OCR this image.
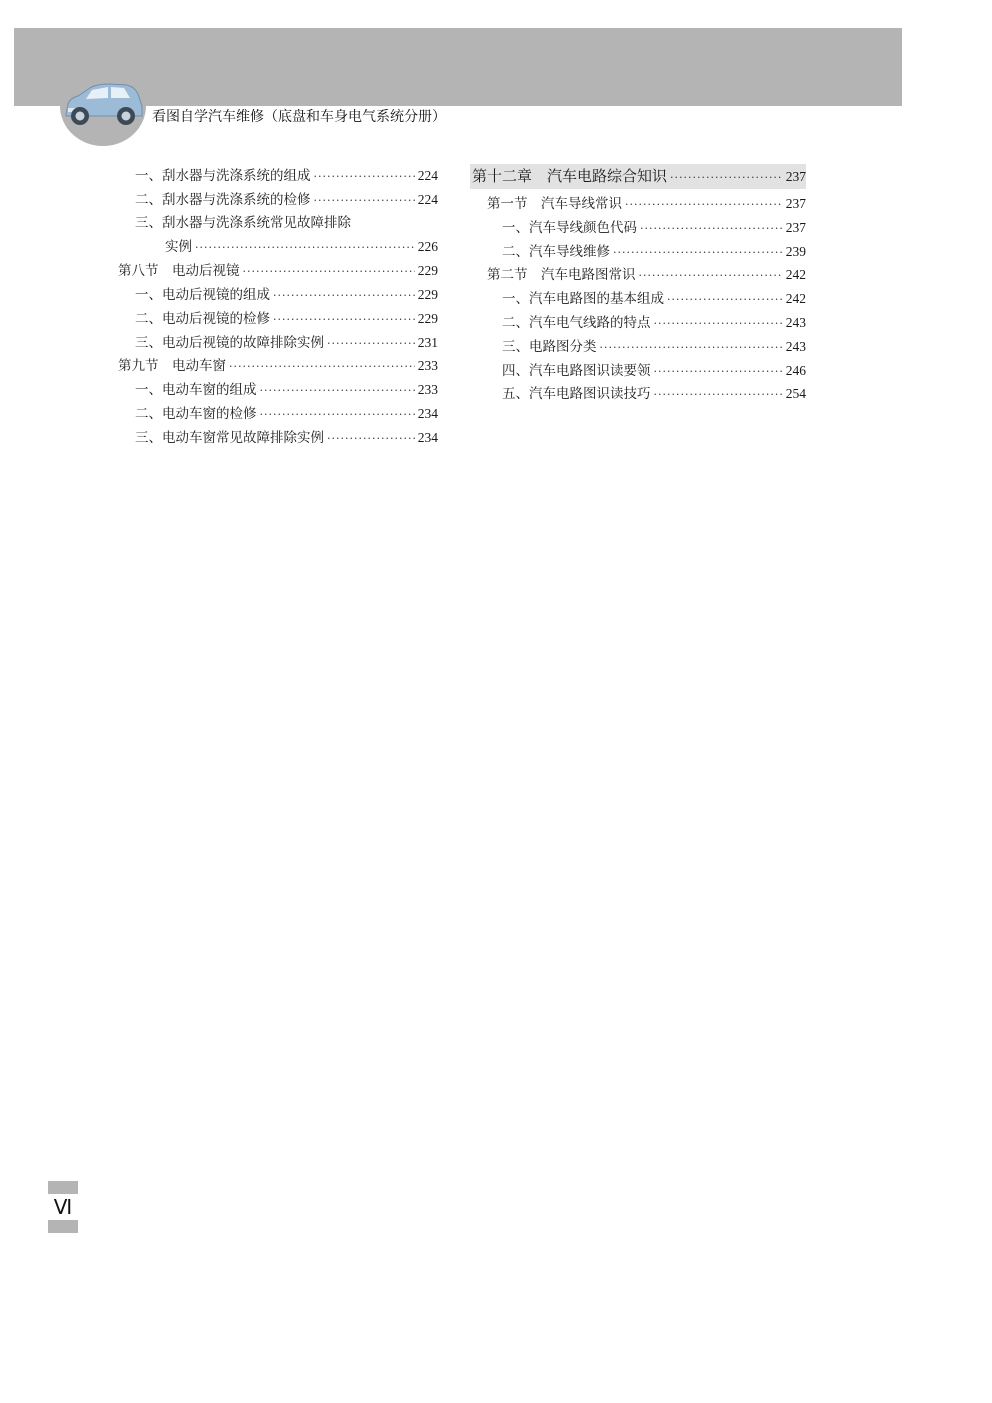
看图自学汽车维修（底盘和车身电气系统分册）
一、刮水器与洗涤系统的组成 ·····	224
二、刮水器与洗涤系统的检修 ·····	224
三、刮水器与洗涤系统常见故障排除
实例 ·····	226
第八节　电动后视镜 ·····	229
一、电动后视镜的组成 ·····	229
二、电动后视镜的检修 ·····	229
三、电动后视镜的故障排除实例 ·····	231
第九节　电动车窗 ·····	233
一、电动车窗的组成 ·····	233
二、电动车窗的检修 ·····	234
三、电动车窗常见故障排除实例 ·····	234
第十二章　汽车电路综合知识 ·····	237
第一节　汽车导线常识 ·····	237
一、汽车导线颜色代码 ·····	237
二、汽车导线维修 ·····	239
第二节　汽车电路图常识 ·····	242
一、汽车电路图的基本组成 ·····	242
二、汽车电气线路的特点 ·····	243
三、电路图分类 ·····	243
四、汽车电路图识读要领 ·····	246
五、汽车电路图识读技巧 ·····	254
Ⅵ
